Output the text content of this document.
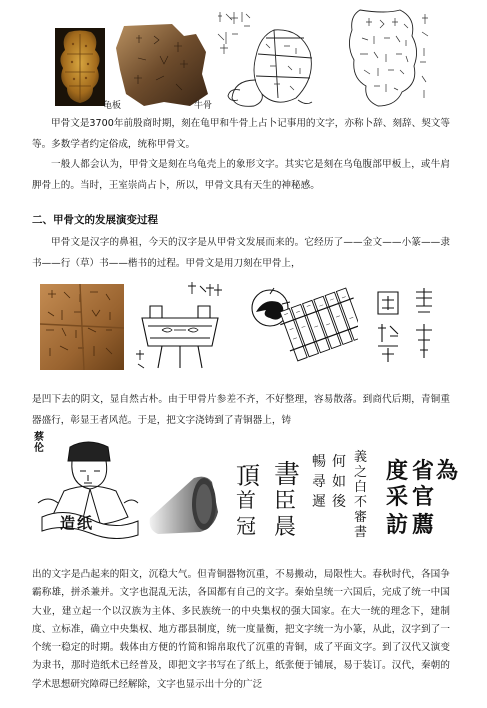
龟板	牛骨
甲骨文是3700年前殷商时期，刻在龟甲和牛骨上占卜记事用的文字，亦称卜辞、刻辞、契文等等。多数学者约定俗成，统称甲骨文。
一般人都会认为，甲骨文是刻在乌龟壳上的象形文字。其实它是刻在乌龟腹部甲板上，或牛肩胛骨上的。当时，王室崇尚占卜，所以，甲骨文具有天生的神秘感。
二、甲骨文的发展演变过程
甲骨文是汉字的鼻祖，今天的汉字是从甲骨文发展而来的。它经历了——金文——小篆——隶书——行（草）书——楷书的过程。甲骨文是用刀刻在甲骨上，
是凹下去的阴文，显自然古朴。由于甲骨片参差不齐，不好整理，容易散落。到商代后期，青铜重器盛行，彰显王者风范。于是，把文字浇铸到了青铜器上，铸
蔡伦
造纸
頂
首
冠
書
臣
晨
暢
尋
遲
何
如
後
義
之
白
不
審
書
度
采
訪
省
官
薦
為
出的文字是凸起来的阳文，沉稳大气。但青铜器物沉重，不易搬动，局限性大。春秋时代，各国争霸称雄，拼杀兼并。文字也混乱无法，各国都有自己的文字。秦始皇统一六国后，完成了统一中国大业，建立起一个以汉族为主体、多民族统一的中央集权的强大国家。在大一统的理念下，建制度、立标准，确立中央集权、地方郡县制度，统一度量衡，把文字统一为小篆，从此，汉字到了一个统一稳定的时期。载体由方便的竹简和锦帛取代了沉重的青铜，成了平面文字。到了汉代又演变为隶书，那时造纸术已经普及，即把文字书写在了纸上，纸张便于铺展，易于装订。汉代，秦朝的学术思想研究障碍已经解除，文字也显示出十分的广泛
